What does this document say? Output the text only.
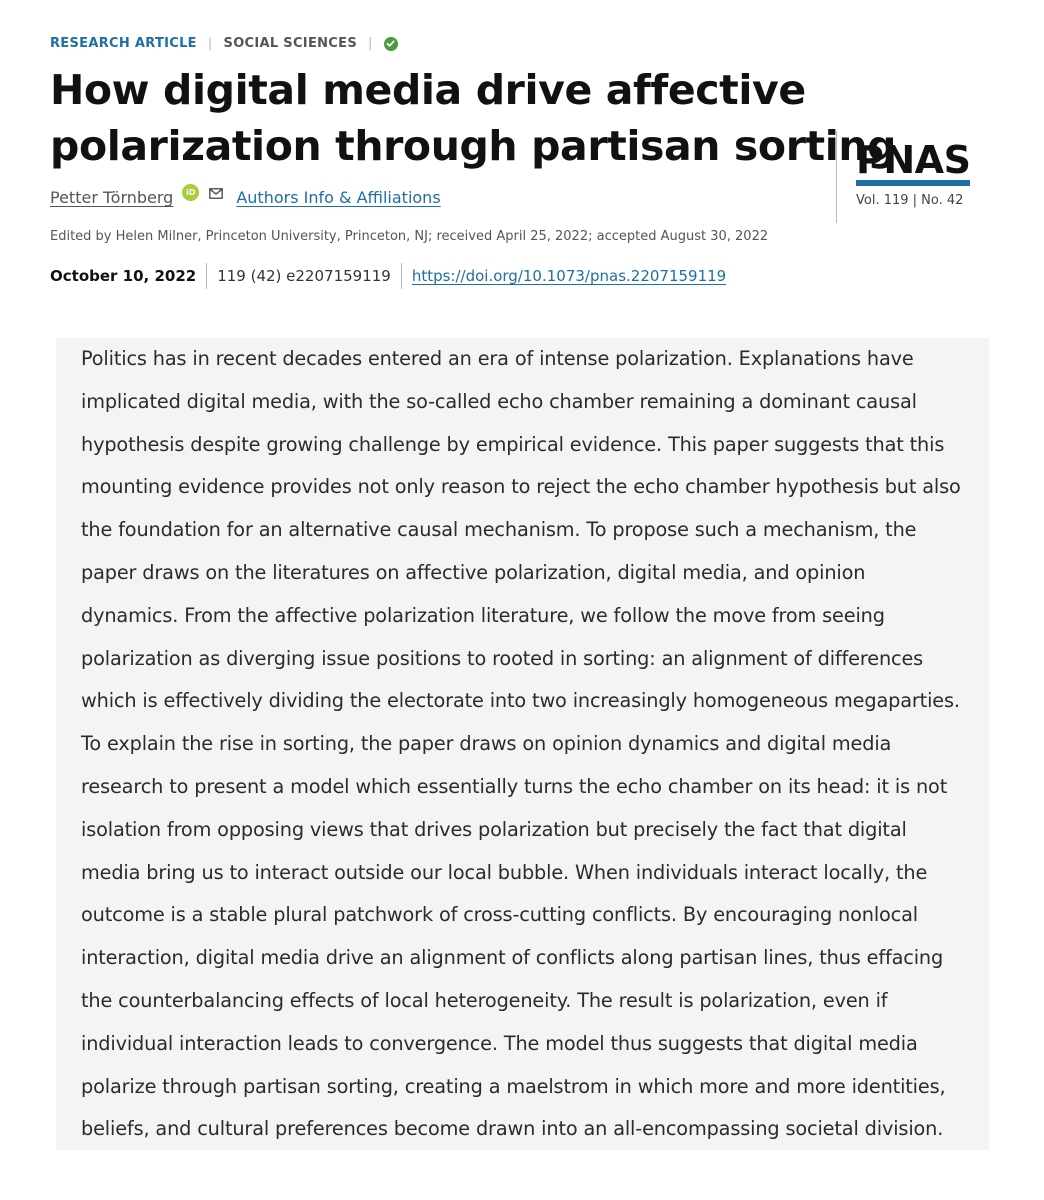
RESEARCH ARTICLE | SOCIAL SCIENCES |
How digital media drive affective polarization through partisan sorting
PNAS
Vol. 119 | No. 42
Petter Törnberg	iD	Authors Info & Affiliations
Edited by Helen Milner, Princeton University, Princeton, NJ; received April 25, 2022; accepted August 30, 2022
October 10, 2022 119 (42) e2207159119 https://doi.org/10.1073/pnas.2207159119

Politics has in recent decades entered an era of intense polarization. Explanations have implicated digital media, with the so-called echo chamber remaining a dominant causal hypothesis despite growing challenge by empirical evidence. This paper suggests that this mounting evidence provides not only reason to reject the echo chamber hypothesis but also the foundation for an alternative causal mechanism. To propose such a mechanism, the paper draws on the literatures on affective polarization, digital media, and opinion dynamics. From the affective polarization literature, we follow the move from seeing polarization as diverging issue positions to rooted in sorting: an alignment of differences which is effectively dividing the electorate into two increasingly homogeneous megaparties. To explain the rise in sorting, the paper draws on opinion dynamics and digital media research to present a model which essentially turns the echo chamber on its head: it is not isolation from opposing views that drives polarization but precisely the fact that digital media bring us to interact outside our local bubble. When individuals interact locally, the outcome is a stable plural patchwork of cross-cutting conflicts. By encouraging nonlocal interaction, digital media drive an alignment of conflicts along partisan lines, thus effacing the counterbalancing effects of local heterogeneity. The result is polarization, even if individual interaction leads to convergence. The model thus suggests that digital media polarize through partisan sorting, creating a maelstrom in which more and more identities, beliefs, and cultural preferences become drawn into an all-encompassing societal division.
